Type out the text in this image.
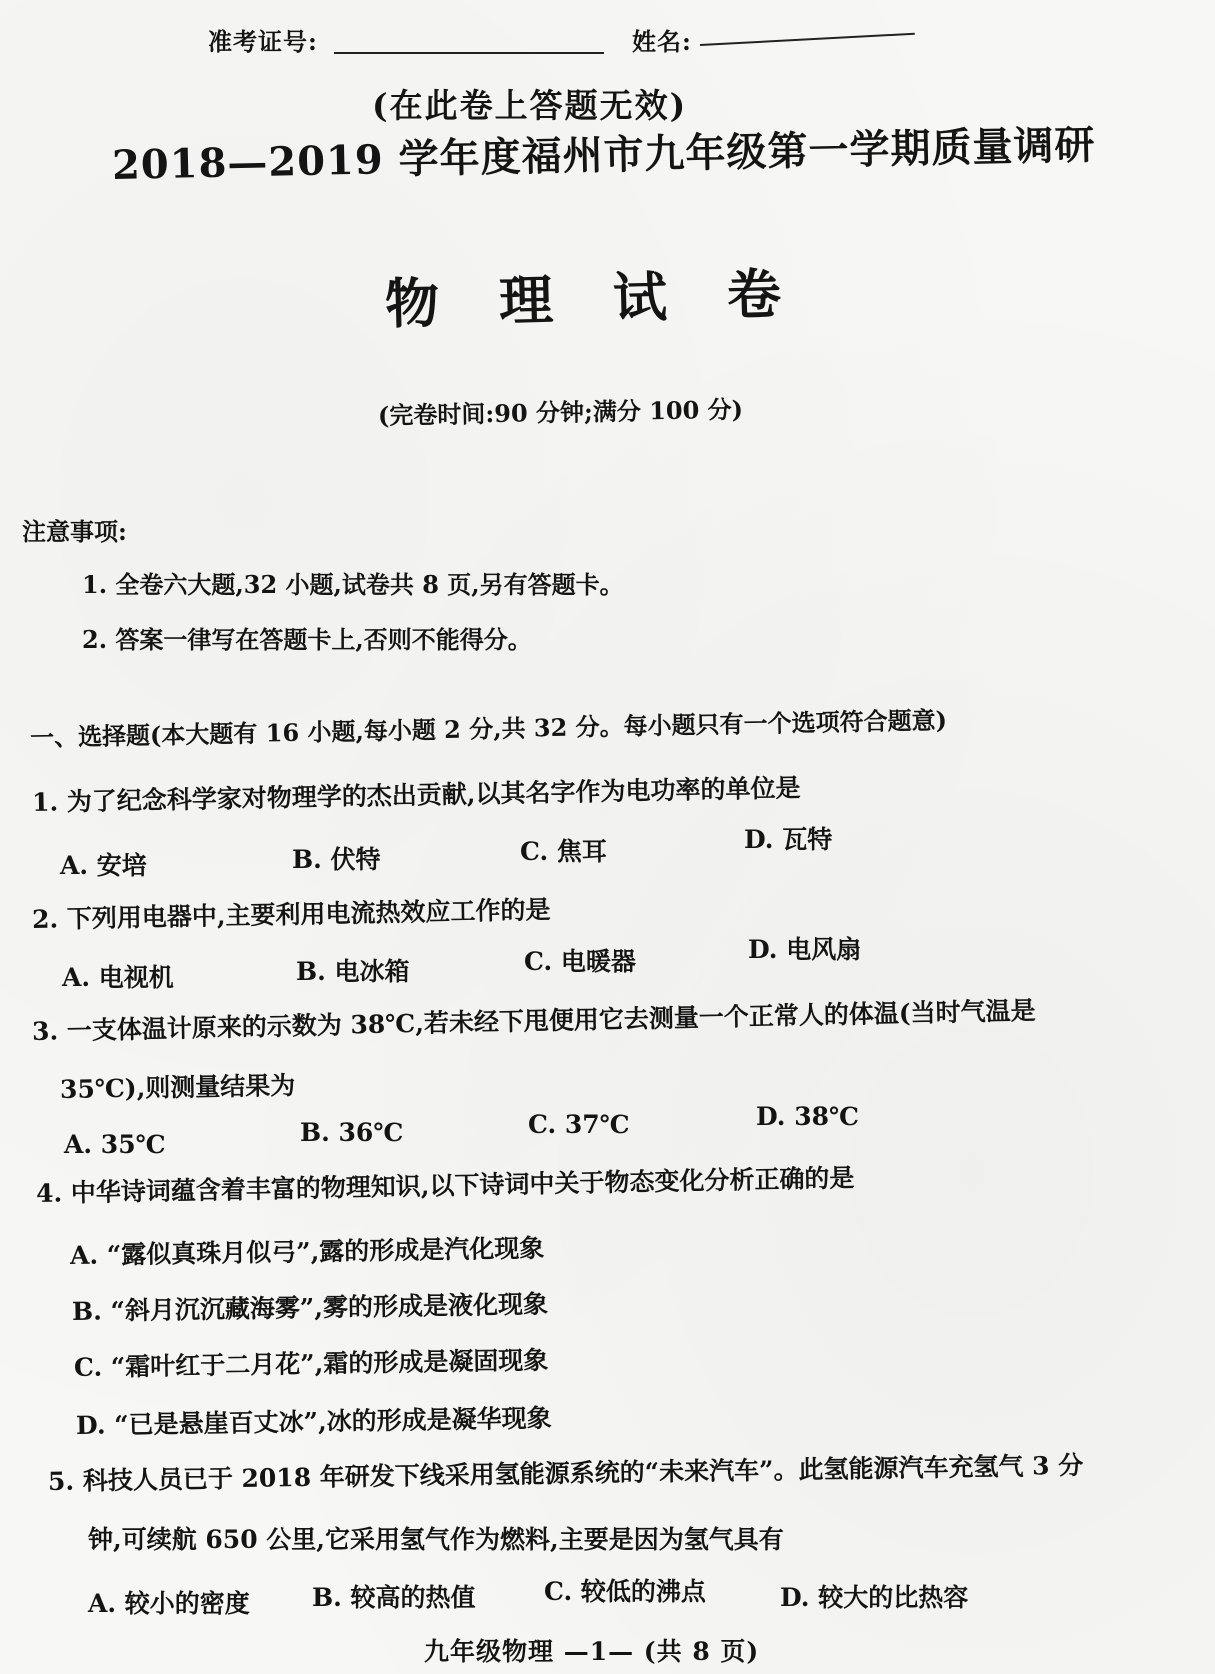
准考证号:	姓名:
(在此卷上答题无效)
2018—2019 学年度福州市九年级第一学期质量调研
物理试卷
(完卷时间:90 分钟;满分 100 分)
注意事项:
1. 全卷六大题,32 小题,试卷共 8 页,另有答题卡。
2. 答案一律写在答题卡上,否则不能得分。
一、选择题(本大题有 16 小题,每小题 2 分,共 32 分。每小题只有一个选项符合题意)
1. 为了纪念科学家对物理学的杰出贡献,以其名字作为电功率的单位是
A. 安培	B. 伏特	C. 焦耳	D. 瓦特
2. 下列用电器中,主要利用电流热效应工作的是
A. 电视机	B. 电冰箱	C. 电暖器	D. 电风扇
3. 一支体温计原来的示数为 38℃,若未经下甩便用它去测量一个正常人的体温(当时气温是
35℃),则测量结果为
A. 35℃	B. 36℃	C. 37℃	D. 38℃
4. 中华诗词蕴含着丰富的物理知识,以下诗词中关于物态变化分析正确的是
A. “露似真珠月似弓”,露的形成是汽化现象
B. “斜月沉沉藏海雾”,雾的形成是液化现象
C. “霜叶红于二月花”,霜的形成是凝固现象
D. “已是悬崖百丈冰”,冰的形成是凝华现象
5. 科技人员已于 2018 年研发下线采用氢能源系统的“未来汽车”。此氢能源汽车充氢气 3 分
钟,可续航 650 公里,它采用氢气作为燃料,主要是因为氢气具有
A. 较小的密度 B. 较高的热值	C. 较低的沸点	D. 较大的比热容
九年级物理 —1— (共 8 页)
